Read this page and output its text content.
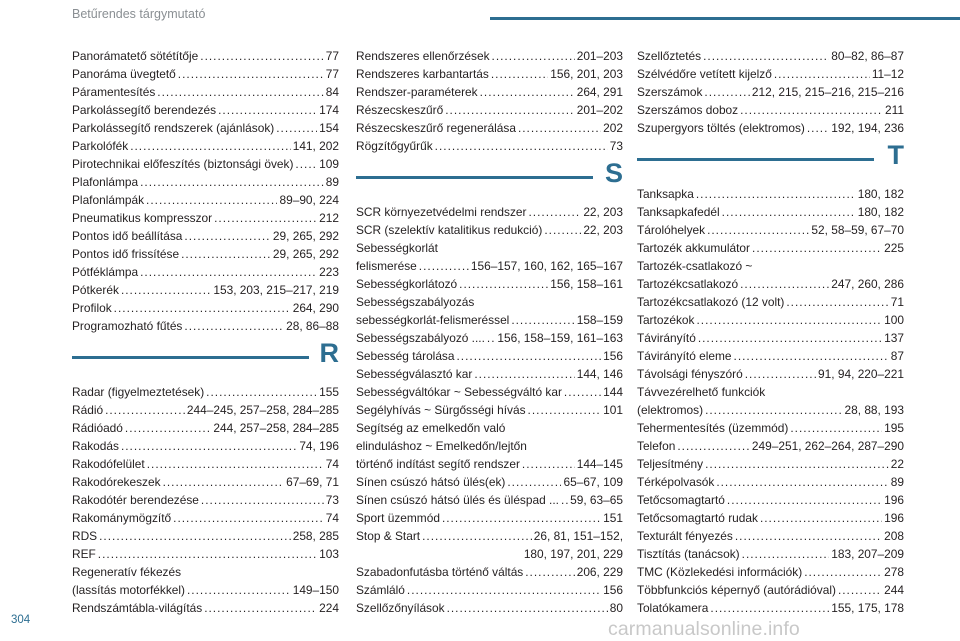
Betűrendes tárgymutató
Panorámatető sötétítője .....	77
Panoráma üvegtető .....	77
Páramentesítés .....	84
Parkolássegítő berendezés .....	174
Parkolássegítő rendszerek (ajánlások) .....	154
Parkolófék .....	141, 202
Pirotechnikai előfeszítés (biztonsági övek) ..... 109
Plafonlámpa .....	89
Plafonlámpák .....	89–90, 224
Pneumatikus kompresszor .....	212
Pontos idő beállítása .....	29, 265, 292
Pontos idő frissítése .....	29, 265, 292
Pótféklámpa .....	223
Pótkerék .....	153, 203, 215–217, 219
Profilok .....	264, 290
Programozható fűtés .....	28, 86–88
R
Radar (figyelmeztetések) .....	155
Rádió .....	244–245, 257–258, 284–285
Rádióadó .....	244, 257–258, 284–285
Rakodás .....	74, 196
Rakodófelület .....	74
Rakodórekeszek .....	67–69, 71
Rakodótér berendezése .....	73
Rakománymögzítő .....	74
RDS .....	258, 285
REF .....	103
Regeneratív fékezés
(lassítás motorfékkel) .....	149–150
Rendszámtábla-világítás .....	224
Rendszeres ellenőrzések .....	201–203
Rendszeres karbantartás .....	156, 201, 203
Rendszer-paraméterek .....	264, 291
Részecskeszűrő .....	201–202
Részecskeszűrő regenerálása .....	202
Rögzítőgyűrűk .....	73
S
SCR környezetvédelmi rendszer .....	22, 203
SCR (szelektív katalitikus redukció) .....	22, 203
Sebességkorlát
felismerése .....	156–157, 160, 162, 165–167
Sebességkorlátozó .....	156, 158–161
Sebességszabályozás
sebességkorlát-felismeréssel .....	158–159
Sebességszabályozó .... ..... 156, 158–159, 161–163
Sebesség tárolása .....	156
Sebességválasztó kar .....	144, 146
Sebességváltókar ~ Sebességváltó kar .....	144
Segélyhívás ~ Sürgősségi hívás .....	101
Segítség az emelkedőn való
elinduláshoz ~ Emelkedőn/lejtőn
történő indítást segítő rendszer .....	144–145
Sínen csúszó hátsó ülés(ek) .....	65–67, 109
Sínen csúszó hátsó ülés és üléspad ... ..... 59, 63–65
Sport üzemmód .....	151
Stop & Start .....	26, 81, 151–152,
180, 197, 201, 229
Szabadonfutásba történő váltás .....	206, 229
Számláló .....	156
Szellőzőnyílások .....	80
Szellőztetés .....	80–82, 86–87
Szélvédőre vetített kijelző .....	11–12
Szerszámok .....	212, 215, 215–216, 215–216
Szerszámos doboz .....	211
Szupergyors töltés (elektromos) ..... 192, 194, 236
T
Tanksapka .....	180, 182
Tanksapkafedél .....	180, 182
Tárolóhelyek .....	52, 58–59, 67–70
Tartozék akkumulátor .....	225
Tartozék-csatlakozó ~
Tartozékcsatlakozó .....	247, 260, 286
Tartozékcsatlakozó (12 volt) .....	71
Tartozékok .....	100
Távirányító .....	137
Távirányító eleme .....	87
Távolsági fényszóró .....	91, 94, 220–221
Távvezérelhető funkciók
(elektromos) .....	28, 88, 193
Tehermentesítés (üzemmód) .....	195
Telefon .....	249–251, 262–264, 287–290
Teljesítmény .....	22
Térképolvasók .....	89
Tetőcsomagtartó .....	196
Tetőcsomagtartó rudak .....	196
Texturált fényezés .....	208
Tisztítás (tanácsok) .....	183, 207–209
TMC (Közlekedési információk) .....	278
Többfunkciós képernyő (autórádióval) .....	244
Tolatókamera .....	155, 175, 178
304	carmanualsonline.info
